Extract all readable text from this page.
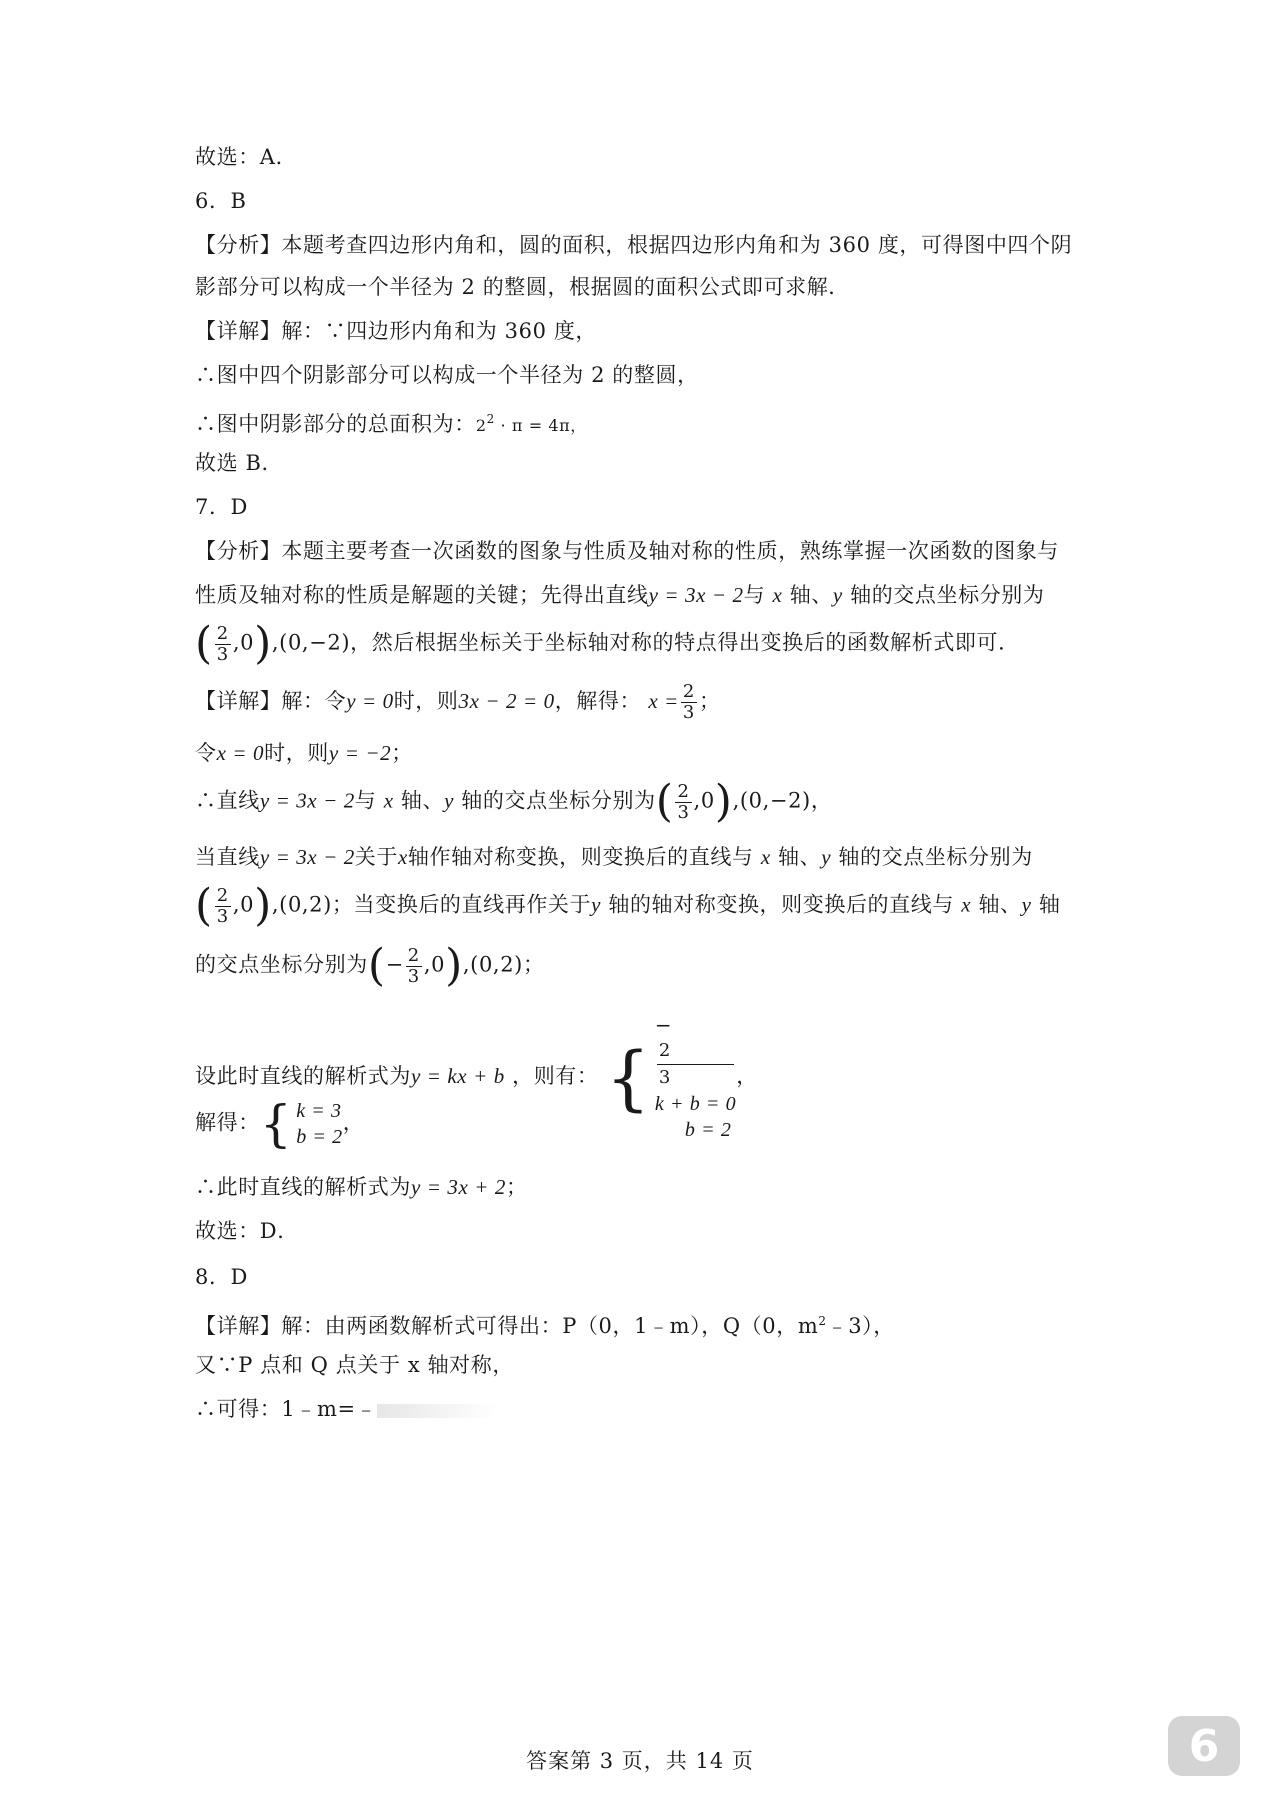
故选：A．
6．B
【分析】本题考查四边形内角和，圆的面积，根据四边形内角和为 360 度，可得图中四个阴
影部分可以构成一个半径为 2 的整圆，根据圆的面积公式即可求解．
【详解】解：∵四边形内角和为 360 度，
∴图中四个阴影部分可以构成一个半径为 2 的整圆，
∴图中阴影部分的总面积为：$2^2 \cdot \pi = 4\pi$，
故选 B．
7．D
【分析】本题主要考查一次函数的图象与性质及轴对称的性质，熟练掌握一次函数的图象与
性质及轴对称的性质是解题的关键；先得出直线y = 3x − 2与 x 轴、y 轴的交点坐标分别为
( $\frac{2}{3} ,0),(0,-2)$，然后根据坐标关于坐标轴对称的特点得出变换后的函数解析式即可．
【详解】解：令y = 0时，则3x − 2 = 0，解得： $x = \frac{2}{3}$ ；
令x = 0时，则y = −2；
∴直线y = 3x − 2与 x 轴、y 轴的交点坐标分别为( $\frac{2}{3} ,0),(0,-2)$，
当直线y = 3x − 2关于x轴作轴对称变换，则变换后的直线与 x 轴、y 轴的交点坐标分别为
( $\frac{2}{3} ,0),(0,2)$；当变换后的直线再作关于y 轴的轴对称变换，则变换后的直线与 x 轴、y 轴
的交点坐标分别为(− $\frac{2}{3} ,0),(0,2)$；
设此时直线的解析式为y = kx + b ，则有： {
−
2
3
k + b = 0
b = 2
，
解得： { k = 3
b = 2
，
∴此时直线的解析式为y = 3x + 2；
故选：D．
8．D
【详解】解：由两函数解析式可得出：P（0，1﹣m），Q（0，$m^2﹣3$），
又∵P 点和 Q 点关于 x 轴对称，
∴可得：1﹣m=﹣
答案第 3 页，共 14 页	6
